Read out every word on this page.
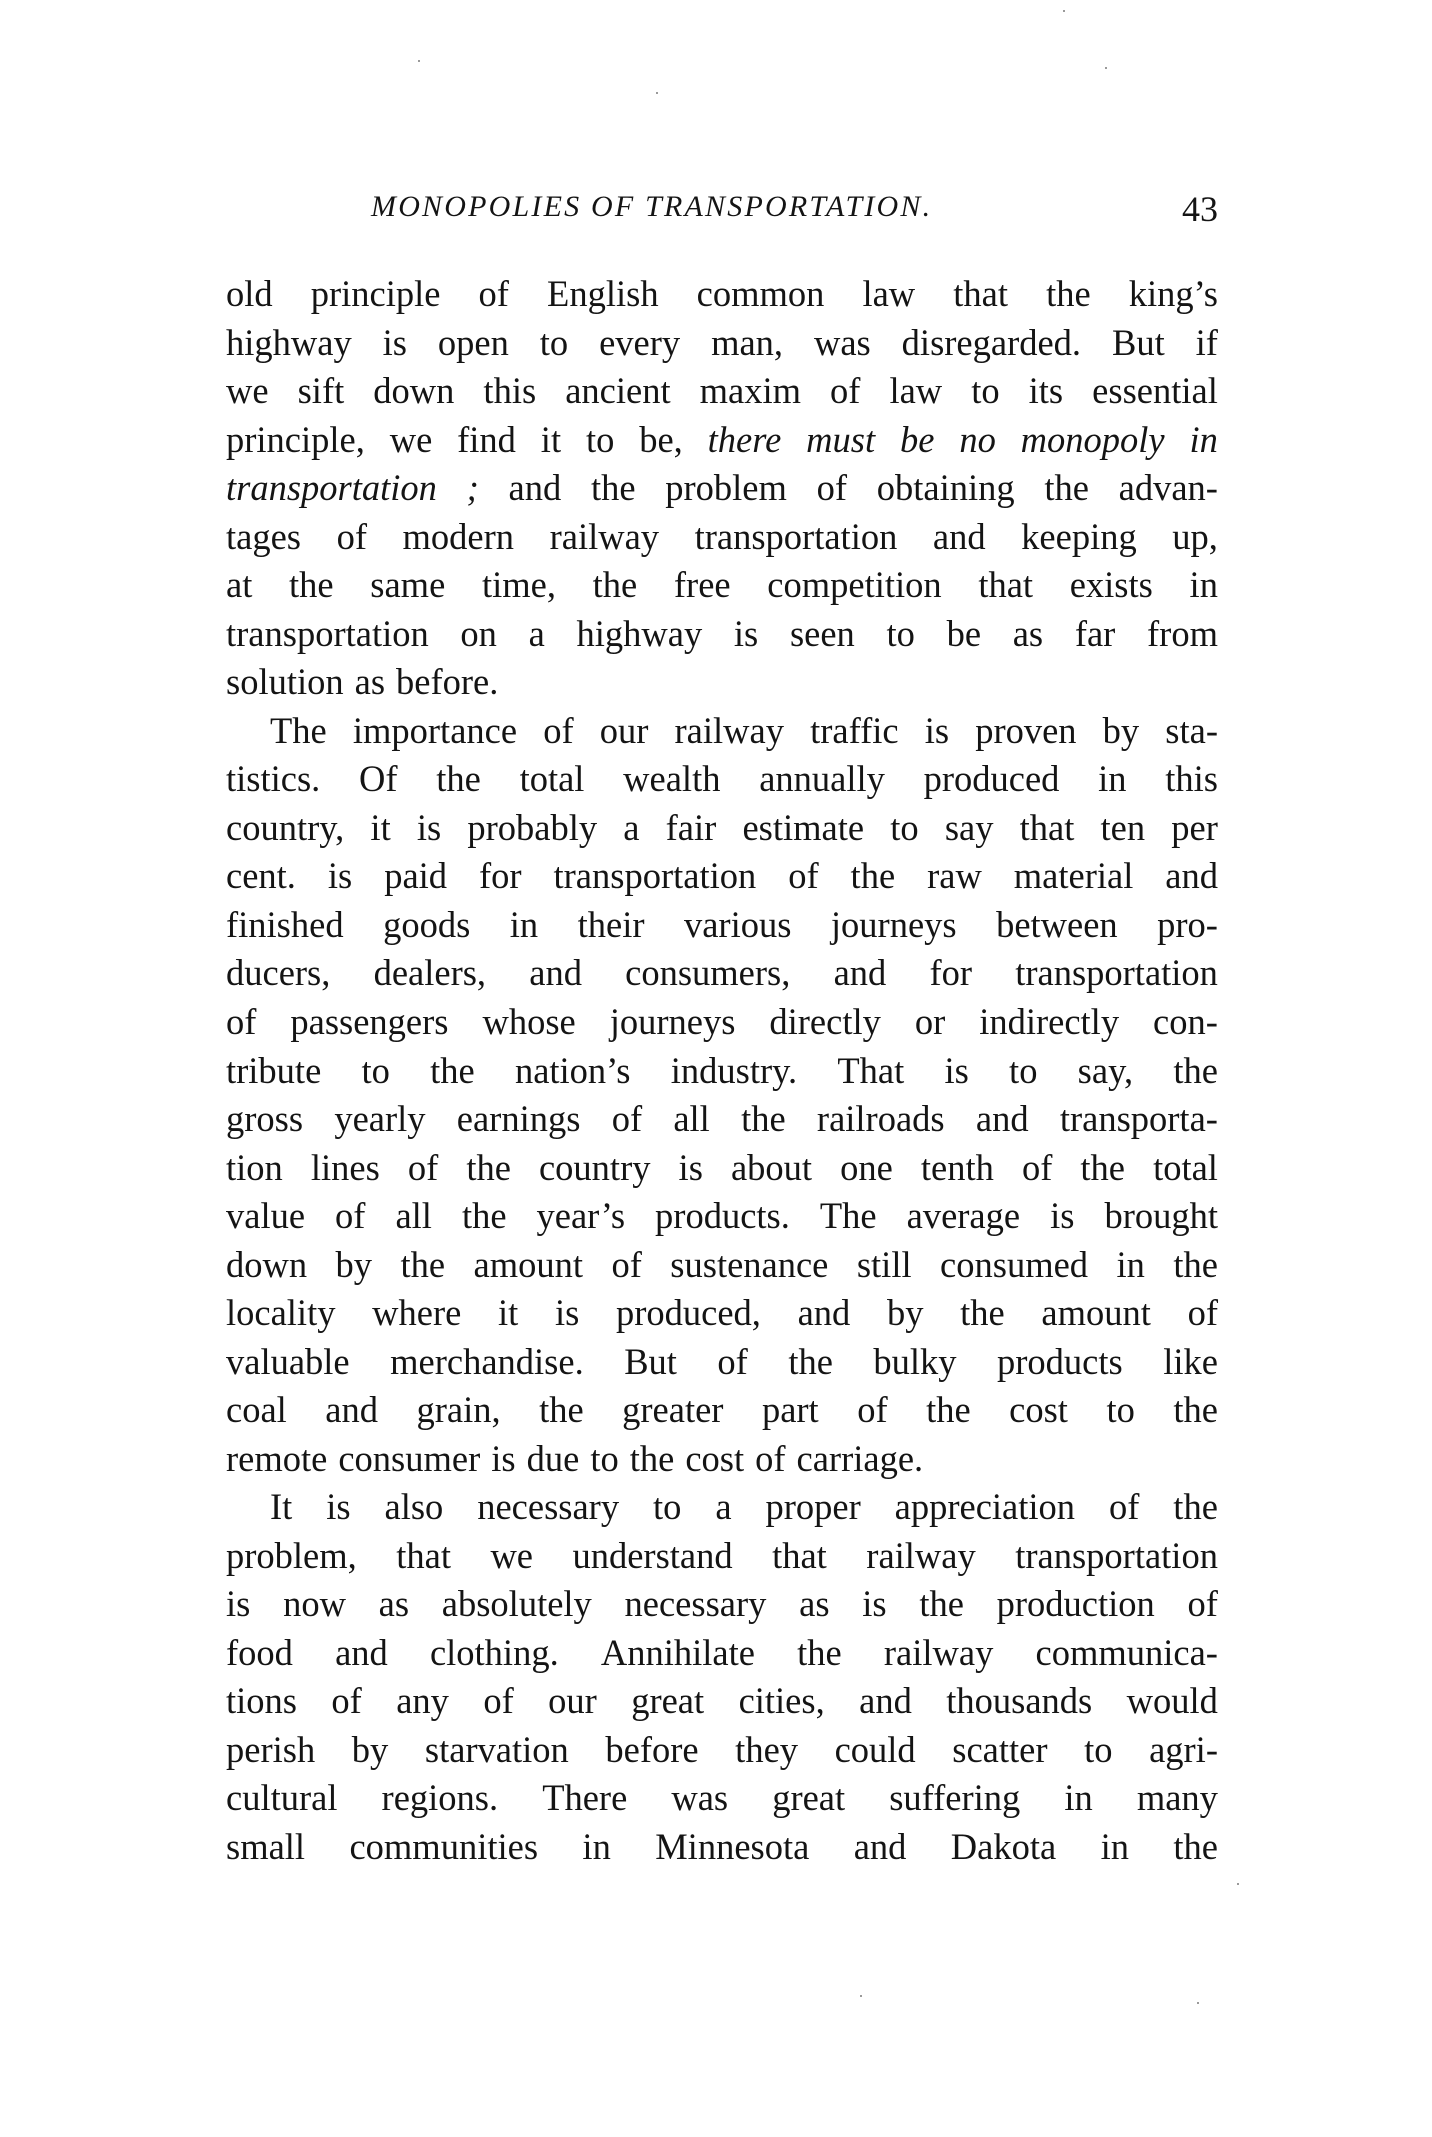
MONOPOLIES OF TRANSPORTATION.	43
old principle of English common law that the king’s
highway is open to every man, was disregarded. But if
we sift down this ancient maxim of law to its essential
principle, we find it to be, there must be no monopoly in
transportation ; and the problem of obtaining the advan-
tages of modern railway transportation and keeping up,
at the same time, the free competition that exists in
transportation on a highway is seen to be as far from
solution as before.
The importance of our railway traffic is proven by sta-
tistics. Of the total wealth annually produced in this
country, it is probably a fair estimate to say that ten per
cent. is paid for transportation of the raw material and
finished goods in their various journeys between pro-
ducers, dealers, and consumers, and for transportation
of passengers whose journeys directly or indirectly con-
tribute to the nation’s industry. That is to say, the
gross yearly earnings of all the railroads and transporta-
tion lines of the country is about one tenth of the total
value of all the year’s products. The average is brought
down by the amount of sustenance still consumed in the
locality where it is produced, and by the amount of
valuable merchandise. But of the bulky products like
coal and grain, the greater part of the cost to the
remote consumer is due to the cost of carriage.
It is also necessary to a proper appreciation of the
problem, that we understand that railway transportation
is now as absolutely necessary as is the production of
food and clothing. Annihilate the railway communica-
tions of any of our great cities, and thousands would
perish by starvation before they could scatter to agri-
cultural regions. There was great suffering in many
small communities in Minnesota and Dakota in the
